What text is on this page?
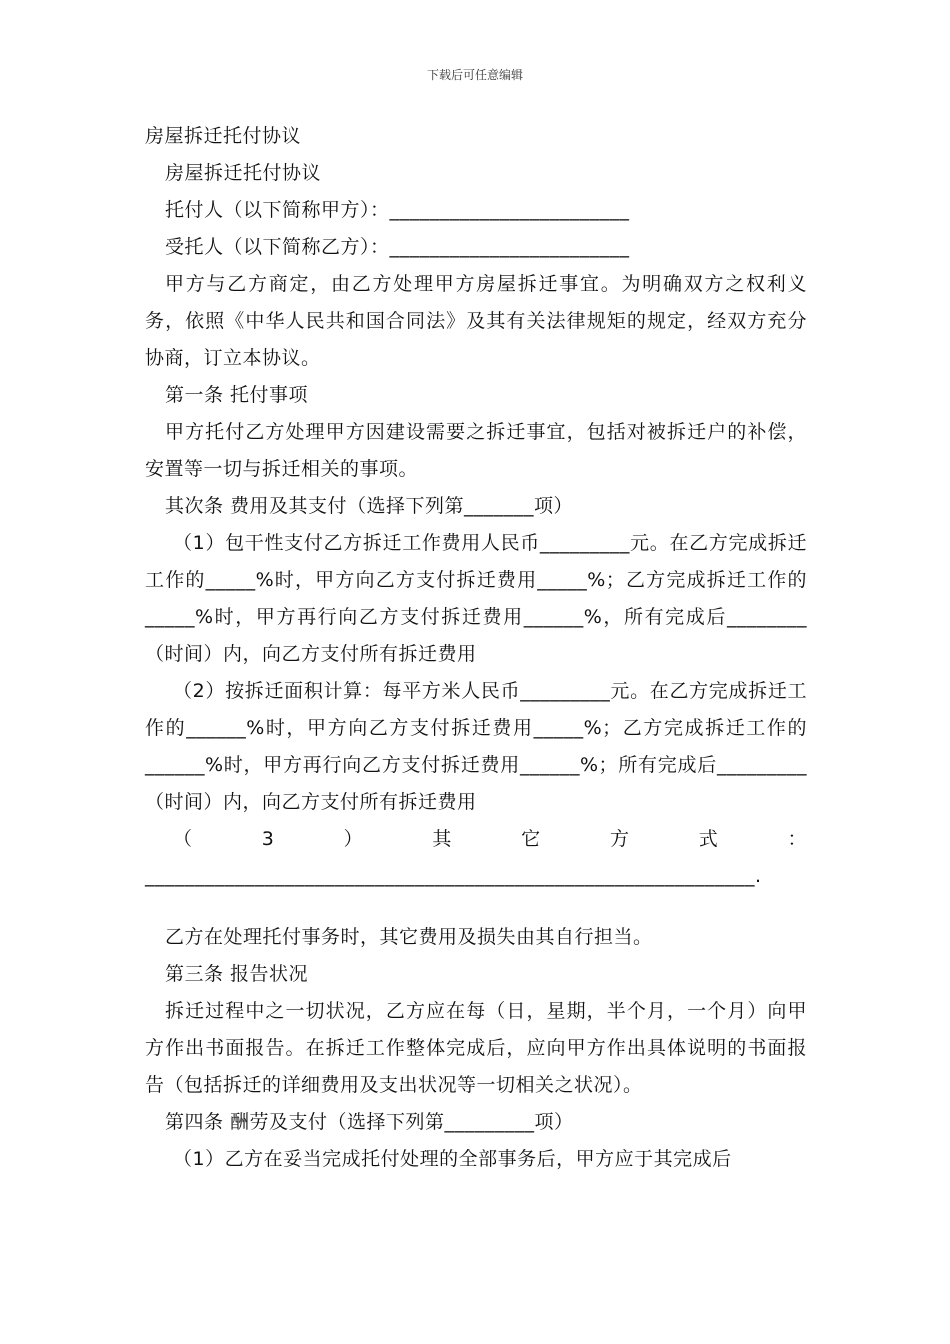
下载后可任意编辑

房屋拆迁托付协议

房屋拆迁托付协议

托付人（以下简称甲方）：________________________

受托人（以下简称乙方）：________________________

甲方与乙方商定，由乙方处理甲方房屋拆迁事宜。为明确双方之权利义务，依照《中华人民共和国合同法》及其有关法律规矩的规定，经双方充分协商，订立本协议。

第一条 托付事项

甲方托付乙方处理甲方因建设需要之拆迁事宜，包括对被拆迁户的补偿，安置等一切与拆迁相关的事项。

其次条 费用及其支付（选择下列第_______项）

（1）包干性支付乙方拆迁工作费用人民币_________元。在乙方完成拆迁工作的_____%时，甲方向乙方支付拆迁费用_____%；乙方完成拆迁工作的_____%时，甲方再行向乙方支付拆迁费用______%，所有完成后________（时间）内，向乙方支付所有拆迁费用

（2）按拆迁面积计算：每平方米人民币_________元。在乙方完成拆迁工作的______%时，甲方向乙方支付拆迁费用_____%；乙方完成拆迁工作的______%时，甲方再行向乙方支付拆迁费用______%；所有完成后_________（时间）内，向乙方支付所有拆迁费用

（3）其它方式：_____________________________________________________________.

乙方在处理托付事务时，其它费用及损失由其自行担当。

第三条 报告状况

拆迁过程中之一切状况，乙方应在每（日，星期，半个月，一个月）向甲方作出书面报告。在拆迁工作整体完成后，应向甲方作出具体说明的书面报告（包括拆迁的详细费用及支出状况等一切相关之状况）。

第四条 酬劳及支付（选择下列第_________项）

（1）乙方在妥当完成托付处理的全部事务后，甲方应于其完成后
